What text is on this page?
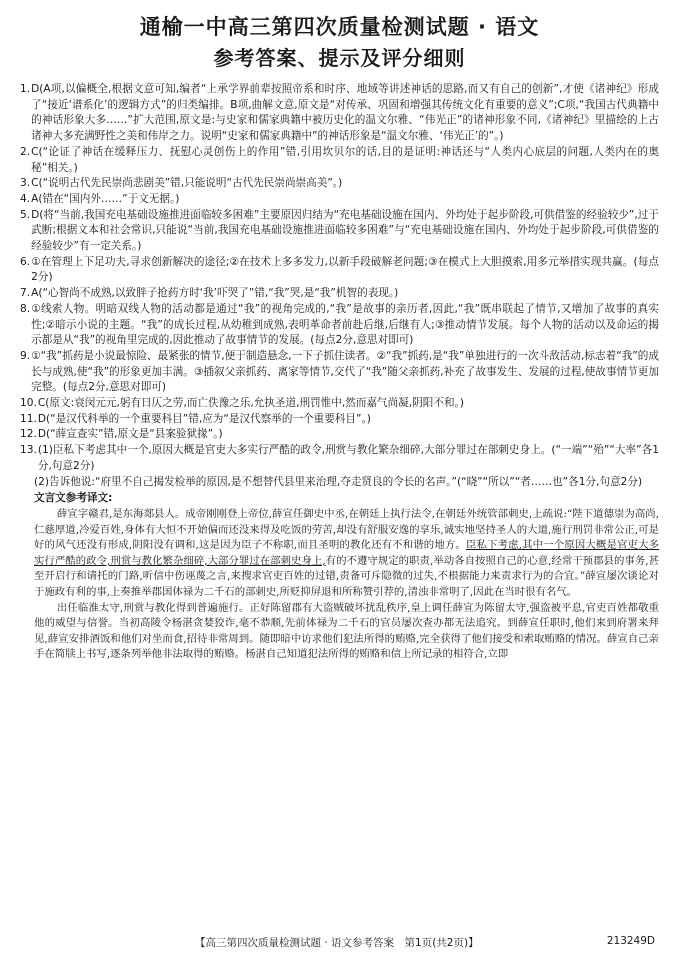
通榆一中高三第四次质量检测试题 · 语文
参考答案、提示及评分细则
1. D(A项,以偏概全,根据文意可知,编者“上承学界前辈按照帝系和时序、地域等讲述神话的思路,而又有自己的创新”,才使《诸神纪》形成了“接近‘谱系化’的逻辑方式”的归类编排。B项,曲解文意,原文是“对传承、巩固和增强其传统文化有重要的意义”;C项,“我国古代典籍中的神话形象大多……”扩大范围,原文是:与史家和儒家典籍中被历史化的温文尔雅、“伟光正”的诸神形象不同,《诸神纪》里描绘的上古诸神大多充满野性之美和伟岸之力。说明“史家和儒家典籍中”的神话形象是“温文尔雅、‘伟光正’的”。)
2. C(“论证了神话在缓释压力、抚慰心灵创伤上的作用”错,引用坎贝尔的话,目的是证明:神话还与“人类内心底层的问题,人类内在的奥秘”相关。)
3. C(“说明古代先民崇尚悲剧美”错,只能说明“古代先民崇尚崇高美”。)
4. A(错在“国内外……”于文无据。)
5. D(将“当前,我国充电基础设施推进面临较多困难”主要原因归结为“充电基础设施在国内、外均处于起步阶段,可供借鉴的经验较少”,过于武断;根据文本和社会常识,只能说“当前,我国充电基础设施推进面临较多困难”与“充电基础设施在国内、外均处于起步阶段,可供借鉴的经验较少”有一定关系。)
6. ①在管理上下足功夫,寻求创新解决的途径;②在技术上多多发力,以新手段破解老问题;③在模式上大胆摸索,用多元举措实现共赢。(每点2分)
7. A(“心智尚不成熟,以致胖子抢药方时‘我’吓哭了”错,“我”哭,是“我”机智的表现。)
8. ①线索人物。明暗双线人物的活动都是通过“我”的视角完成的,“我”是故事的亲历者,因此,“我”既串联起了情节,又增加了故事的真实性;②暗示小说的主题。“我”的成长过程,从幼稚到成熟,表明革命者前赴后继,后继有人;③推动情节发展。每个人物的活动以及命运的揭示都是从“我”的视角里完成的,因此推动了故事情节的发展。(每点2分,意思对即可)
9. ①“我”抓药是小说最惊险、最紧张的情节,便于制造悬念,一下子抓住读者。②“我”抓药,是“我”单独进行的一次斗敌活动,标志着“我”的成长与成熟,使“我”的形象更加丰满。③插叙父亲抓药、离家等情节,交代了“我”随父亲抓药,补充了故事发生、发展的过程,使故事情节更加完整。(每点2分,意思对即可)
10. C(原文:衰闵元元,躬有日仄之劳,而亡佚豫之乐,允执圣道,刑罚惟中,然而嘉气尚凝,阴阳不和。)
11. D(“是汉代科举的一个重要科目”错,应为“是汉代察举的一个重要科目”。)
12. D(“薛宣查实”错,原文是“县案验狱掾”。)
13. (1)臣私下考虑其中一个,原因大概是官吏大多实行严酷的政令,刑赏与教化繁杂细碎,大部分罪过在部刺史身上。(“一端”“殆”“大率”各1分,句意2分)
(2)告诉他说:“府里不自己揭发检举的原因,是不想替代县里来治理,夺走贤良的令长的名声。”(“晓”“所以”“者……也”各1分,句意2分)
文言文参考译文:

薛宣字赣君,是东海郯县人。成帝刚刚登上帝位,薛宣任御史中丞,在朝廷上执行法令,在朝廷外统管部刺史,上疏说:“陛下道德崇为高尚,仁慈厚道,冷爱百姓,身体有大恒不开始偏而还没来得及吃饭的劳苦,却没有舒服安逸的享乐,诚实地坚持圣人的大道,施行刑罚非常公正,可是好的风气还没有形成,阴阳没有调和,这是因为臣子不称职,而且圣明的教化还有不和谐的地方。臣私下考虑,其中一个原因大概是官吏大多实行严酷的政令,刑赏与教化繁杂细碎,大部分罪过在部刺史身上,有的不遵守规定的职责,举动各自按照自己的心意,经常干预郡县的事务,甚至开启行和请托的门路,听信中伤诬蔑之言,来搜求官吏百姓的过错,责备可斥隐微的过失,不根据能力来责求行为的合宜。”薛宣屡次谈论对于施政有利的事,上奏推举郡国体禄为二千石的部刺史,所贬抑屏退和所称赞引荐的,清浊非常明了,因此在当时很有名气。

出任临淮太守,刑赏与教化得到普遍施行。正好陈留郡有大盗贼破坏扰乱秩序,皇上调任薛宣为陈留太守,强盗被平息,官吏百姓都敬重他的威望与信誉。当初高陵令杨湛贪婪狡诈,毫不恭顺,先前体禄为二千石的官员屡次查办都无法追究。到薛宣任职时,他们来到府署来拜见,薛宣安排酒饭和他们对坐而食,招待非常周到。随即暗中访求他们犯法所得的贿赂,完全获得了他们接受和索取贿赂的情况。薛宣自己亲手在简牍上书写,逐条列举他非法取得的贿赂。杨湛自己知道犯法所得的贿赂和信上所记录的相符合,立即

【高三第四次质量检测试题 · 语文参考答案　第1页(共2页)】	213249D
